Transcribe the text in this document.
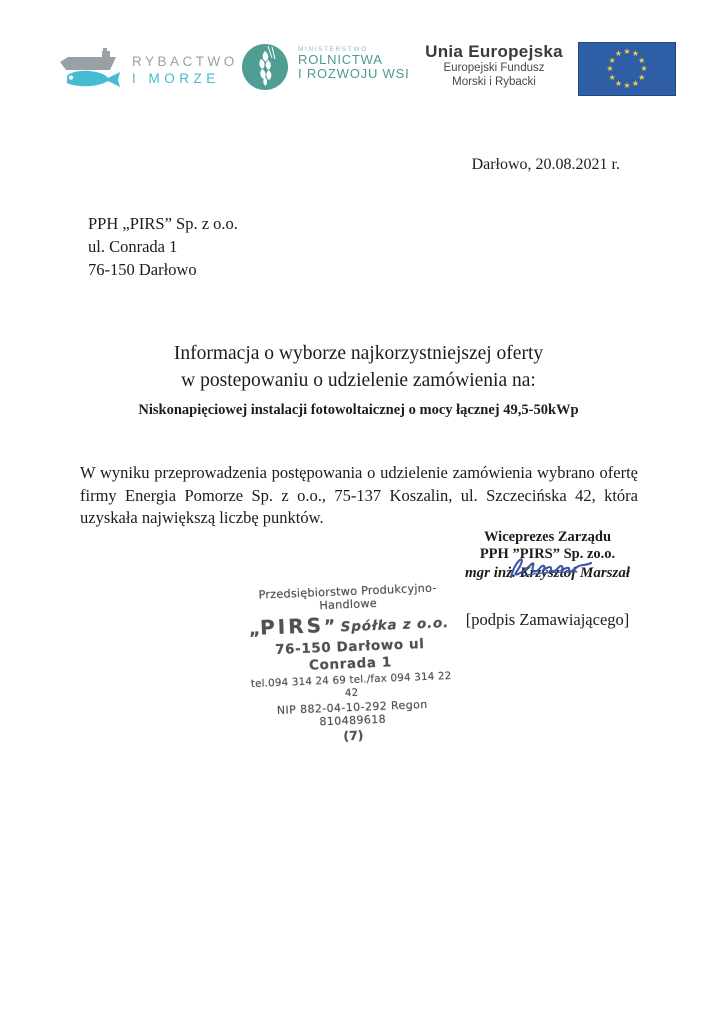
RYBACTWO
I MORZE
MINISTERSTWO
ROLNICTWA
I ROZWOJU WSI
Unia Europejska
Europejski Fundusz
Morski i Rybacki
★ ★
★
★
★
★
★
★
★
★
★
★
Darłowo, 20.08.2021 r.
PPH „PIRS” Sp. z o.o.
ul. Conrada 1
76-150 Darłowo
Informacja o wyborze najkorzystniejszej oferty
w postepowaniu o udzielenie zamówienia na:
Niskonapięciowej instalacji fotowoltaicznej o mocy łącznej 49,5-50kWp
W wyniku przeprowadzenia postępowania o udzielenie zamówienia wybrano ofertę firmy Energia Pomorze Sp. z o.o., 75-137 Koszalin, ul. Szczecińska 42, która uzyskała największą liczbę punktów.
Wiceprezes Zarządu
PPH ”PIRS” Sp. zo.o.
mgr inż. Krzysztof Marszał
[podpis Zamawiającego]
Przedsiębiorstwo Produkcyjno-Handlowe
„PIRS” Spółka z o.o.
76-150 Darłowo ul Conrada 1
tel.094 314 24 69 tel./fax 094 314 22 42
NIP 882-04-10-292 Regon 810489618
(7)
